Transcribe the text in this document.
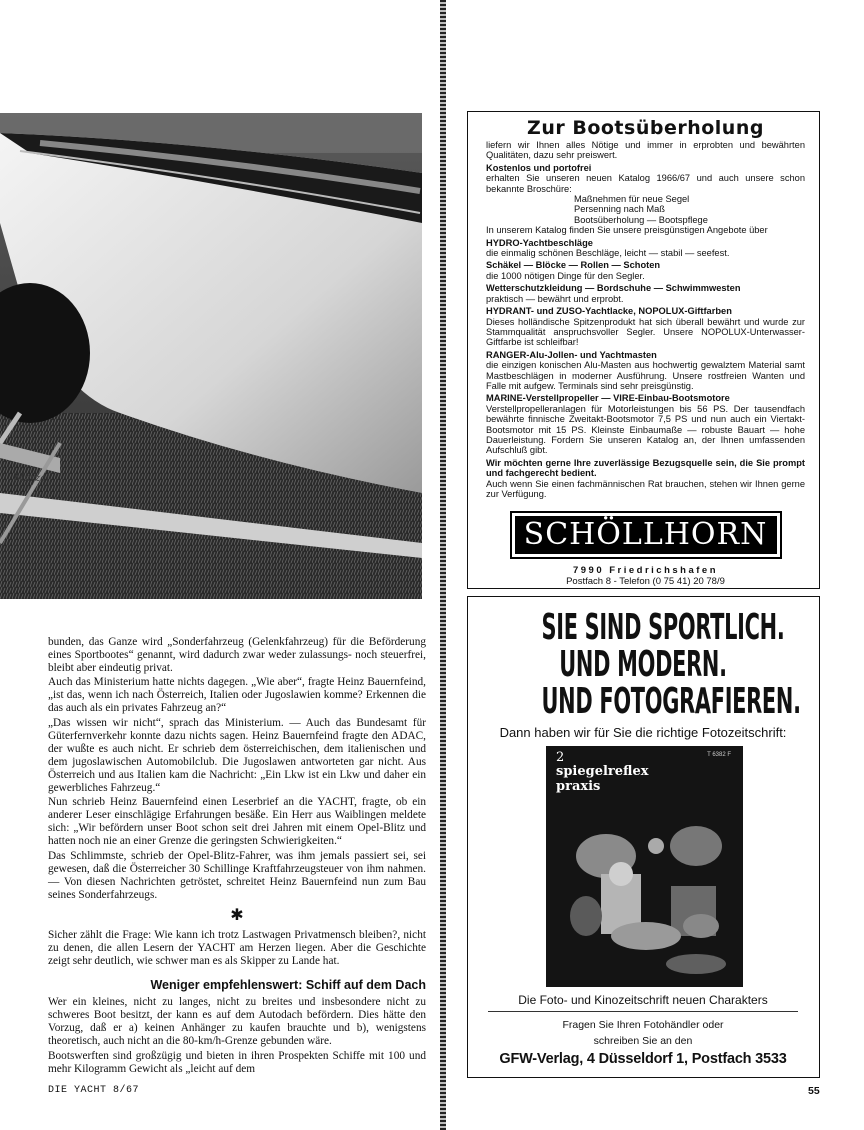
Marzal

bunden, das Ganze wird „Sonderfahrzeug (Gelenkfahrzeug) für die Beförderung eines Sportbootes“ genannt, wird dadurch zwar weder zulassungs- noch steuerfrei, bleibt aber eindeutig privat.

Auch das Ministerium hatte nichts dagegen. „Wie aber“, fragte Heinz Bauernfeind, „ist das, wenn ich nach Österreich, Italien oder Jugoslawien komme? Erkennen die das auch als ein privates Fahrzeug an?“

„Das wissen wir nicht“, sprach das Ministerium. — Auch das Bundesamt für Güterfernverkehr konnte dazu nichts sagen. Heinz Bauernfeind fragte den ADAC, der wußte es auch nicht. Er schrieb dem österreichischen, dem italienischen und dem jugoslawischen Automobilclub. Die Jugoslawen antworteten gar nicht. Aus Österreich und aus Italien kam die Nachricht: „Ein Lkw ist ein Lkw und daher ein gewerbliches Fahrzeug.“

Nun schrieb Heinz Bauernfeind einen Leserbrief an die YACHT, fragte, ob ein anderer Leser einschlägige Erfahrungen besäße. Ein Herr aus Waiblingen meldete sich: „Wir befördern unser Boot schon seit drei Jahren mit einem Opel-Blitz und hatten noch nie an einer Grenze die geringsten Schwierigkeiten.“

Das Schlimmste, schrieb der Opel-Blitz-Fahrer, was ihm jemals passiert sei, sei gewesen, daß die Österreicher 30 Schillinge Kraftfahrzeugsteuer von ihm nahmen. — Von diesen Nachrichten getröstet, schreitet Heinz Bauernfeind nun zum Bau seines Sonderfahrzeugs.

✱

Sicher zählt die Frage: Wie kann ich trotz Lastwagen Privatmensch bleiben?, nicht zu denen, die allen Lesern der YACHT am Herzen liegen. Aber die Geschichte zeigt sehr deutlich, wie schwer man es als Skipper zu Lande hat.

Weniger empfehlenswert: Schiff auf dem Dach

Wer ein kleines, nicht zu langes, nicht zu breites und insbesondere nicht zu schweres Boot besitzt, der kann es auf dem Autodach befördern. Dies hätte den Vorzug, daß er a) keinen Anhänger zu kaufen brauchte und b), wenigstens theoretisch, auch nicht an die 80-km/h-Grenze gebunden wäre.

Bootswerften sind großzügig und bieten in ihren Prospekten Schiffe mit 100 und mehr Kilogramm Gewicht als „leicht auf dem

DIE YACHT 8/67	55
Zur Bootsüberholung
liefern wir Ihnen alles Nötige und immer in erprobten und bewährten Qualitäten, dazu sehr preiswert.
Kostenlos und portofrei
erhalten Sie unseren neuen Katalog 1966/67 und auch unsere schon bekannte Broschüre:
Maßnehmen für neue Segel
Persenning nach Maß
Bootsüberholung — Bootspflege
In unserem Katalog finden Sie unsere preisgünstigen Angebote über
HYDRO-Yachtbeschläge
die einmalig schönen Beschläge, leicht — stabil — seefest.
Schäkel — Blöcke — Rollen — Schoten
die 1000 nötigen Dinge für den Segler.
Wetterschutzkleidung — Bordschuhe — Schwimmwesten
praktisch — bewährt und erprobt.
HYDRANT- und ZUSO-Yachtlacke, NOPOLUX-Giftfarben
Dieses holländische Spitzenprodukt hat sich überall bewährt und wurde zur Stammqualität anspruchsvoller Segler. Unsere NOPOLUX-Unterwasser-Giftfarbe ist schleifbar!
RANGER-Alu-Jollen- und Yachtmasten
die einzigen konischen Alu-Masten aus hochwertig gewalztem Material samt Mastbeschlägen in moderner Ausführung. Unsere rostfreien Wanten und Falle mit aufgew. Terminals sind sehr preisgünstig.
MARINE-Verstellpropeller — VIRE-Einbau-Bootsmotore
Verstellpropelleranlagen für Motorleistungen bis 56 PS. Der tausendfach bewährte finnische Zweitakt-Bootsmotor 7,5 PS und nun auch ein Viertakt-Bootsmotor mit 15 PS. Kleinste Einbaumaße — robuste Bauart — hohe Dauerleistung. Fordern Sie unseren Katalog an, der Ihnen umfassenden Aufschluß gibt.
Wir möchten gerne Ihre zuverlässige Bezugsquelle sein, die Sie prompt und fachgerecht bedient.
Auch wenn Sie einen fachmännischen Rat brauchen, stehen wir Ihnen gerne zur Verfügung.
SCHÖLLHORN
7990 Friedrichshafen
Postfach 8 - Telefon (0 75 41) 20 78/9
SIE SIND SPORTLICH.
UND MODERN.
UND FOTOGRAFIEREN.
Dann haben wir für Sie die richtige Fotozeitschrift:
2
spiegelreflex
praxis
T 6382 F
Die Foto- und Kinozeitschrift neuen Charakters
Fragen Sie Ihren Fotohändler oder
schreiben Sie an den
GFW-Verlag, 4 Düsseldorf 1, Postfach 3533
